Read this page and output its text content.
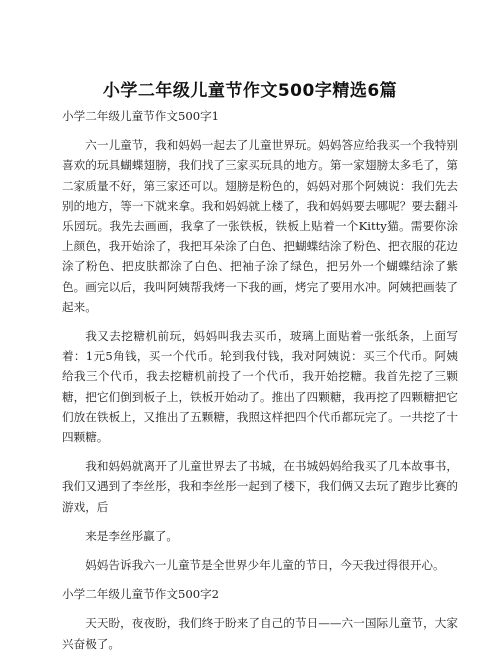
小学二年级儿童节作文500字精选6篇
小学二年级儿童节作文500字1

六一儿童节，我和妈妈一起去了儿童世界玩。妈妈答应给我买一个我特别喜欢的玩具蝴蝶翅膀，我们找了三家买玩具的地方。第一家翅膀太多毛了，第二家质量不好，第三家还可以。翅膀是粉色的，妈妈对那个阿姨说：我们先去别的地方，等一下就来拿。我和妈妈就上楼了，我和妈妈要去哪呢？要去翻斗乐园玩。我先去画画，我拿了一张铁板，铁板上贴着一个Kitty猫。需要你涂上颜色，我开始涂了，我把耳朵涂了白色、把蝴蝶结涂了粉色、把衣服的花边涂了粉色、把皮肤都涂了白色、把袖子涂了绿色，把另外一个蝴蝶结涂了紫色。画完以后，我叫阿姨帮我烤一下我的画，烤完了要用水冲。阿姨把画装了起来。

我又去挖糖机前玩，妈妈叫我去买币，玻璃上面贴着一张纸条，上面写着：1元5角钱，买一个代币。轮到我付钱，我对阿姨说：买三个代币。阿姨给我三个代币，我去挖糖机前投了一个代币，我开始挖糖。我首先挖了三颗糖，把它们倒到板子上，铁板开始动了。推出了四颗糖，我再挖了四颗糖把它们放在铁板上，又推出了五颗糖，我照这样把四个代币都玩完了。一共挖了十四颗糖。

我和妈妈就离开了儿童世界去了书城，在书城妈妈给我买了几本故事书，我们又遇到了李丝彤，我和李丝彤一起到了楼下，我们俩又去玩了跑步比赛的游戏，后

来是李丝彤赢了。

妈妈告诉我六一儿童节是全世界少年儿童的节日，今天我过得很开心。

小学二年级儿童节作文500字2

天天盼，夜夜盼，我们终于盼来了自己的节日——六一国际儿童节，大家兴奋极了。
